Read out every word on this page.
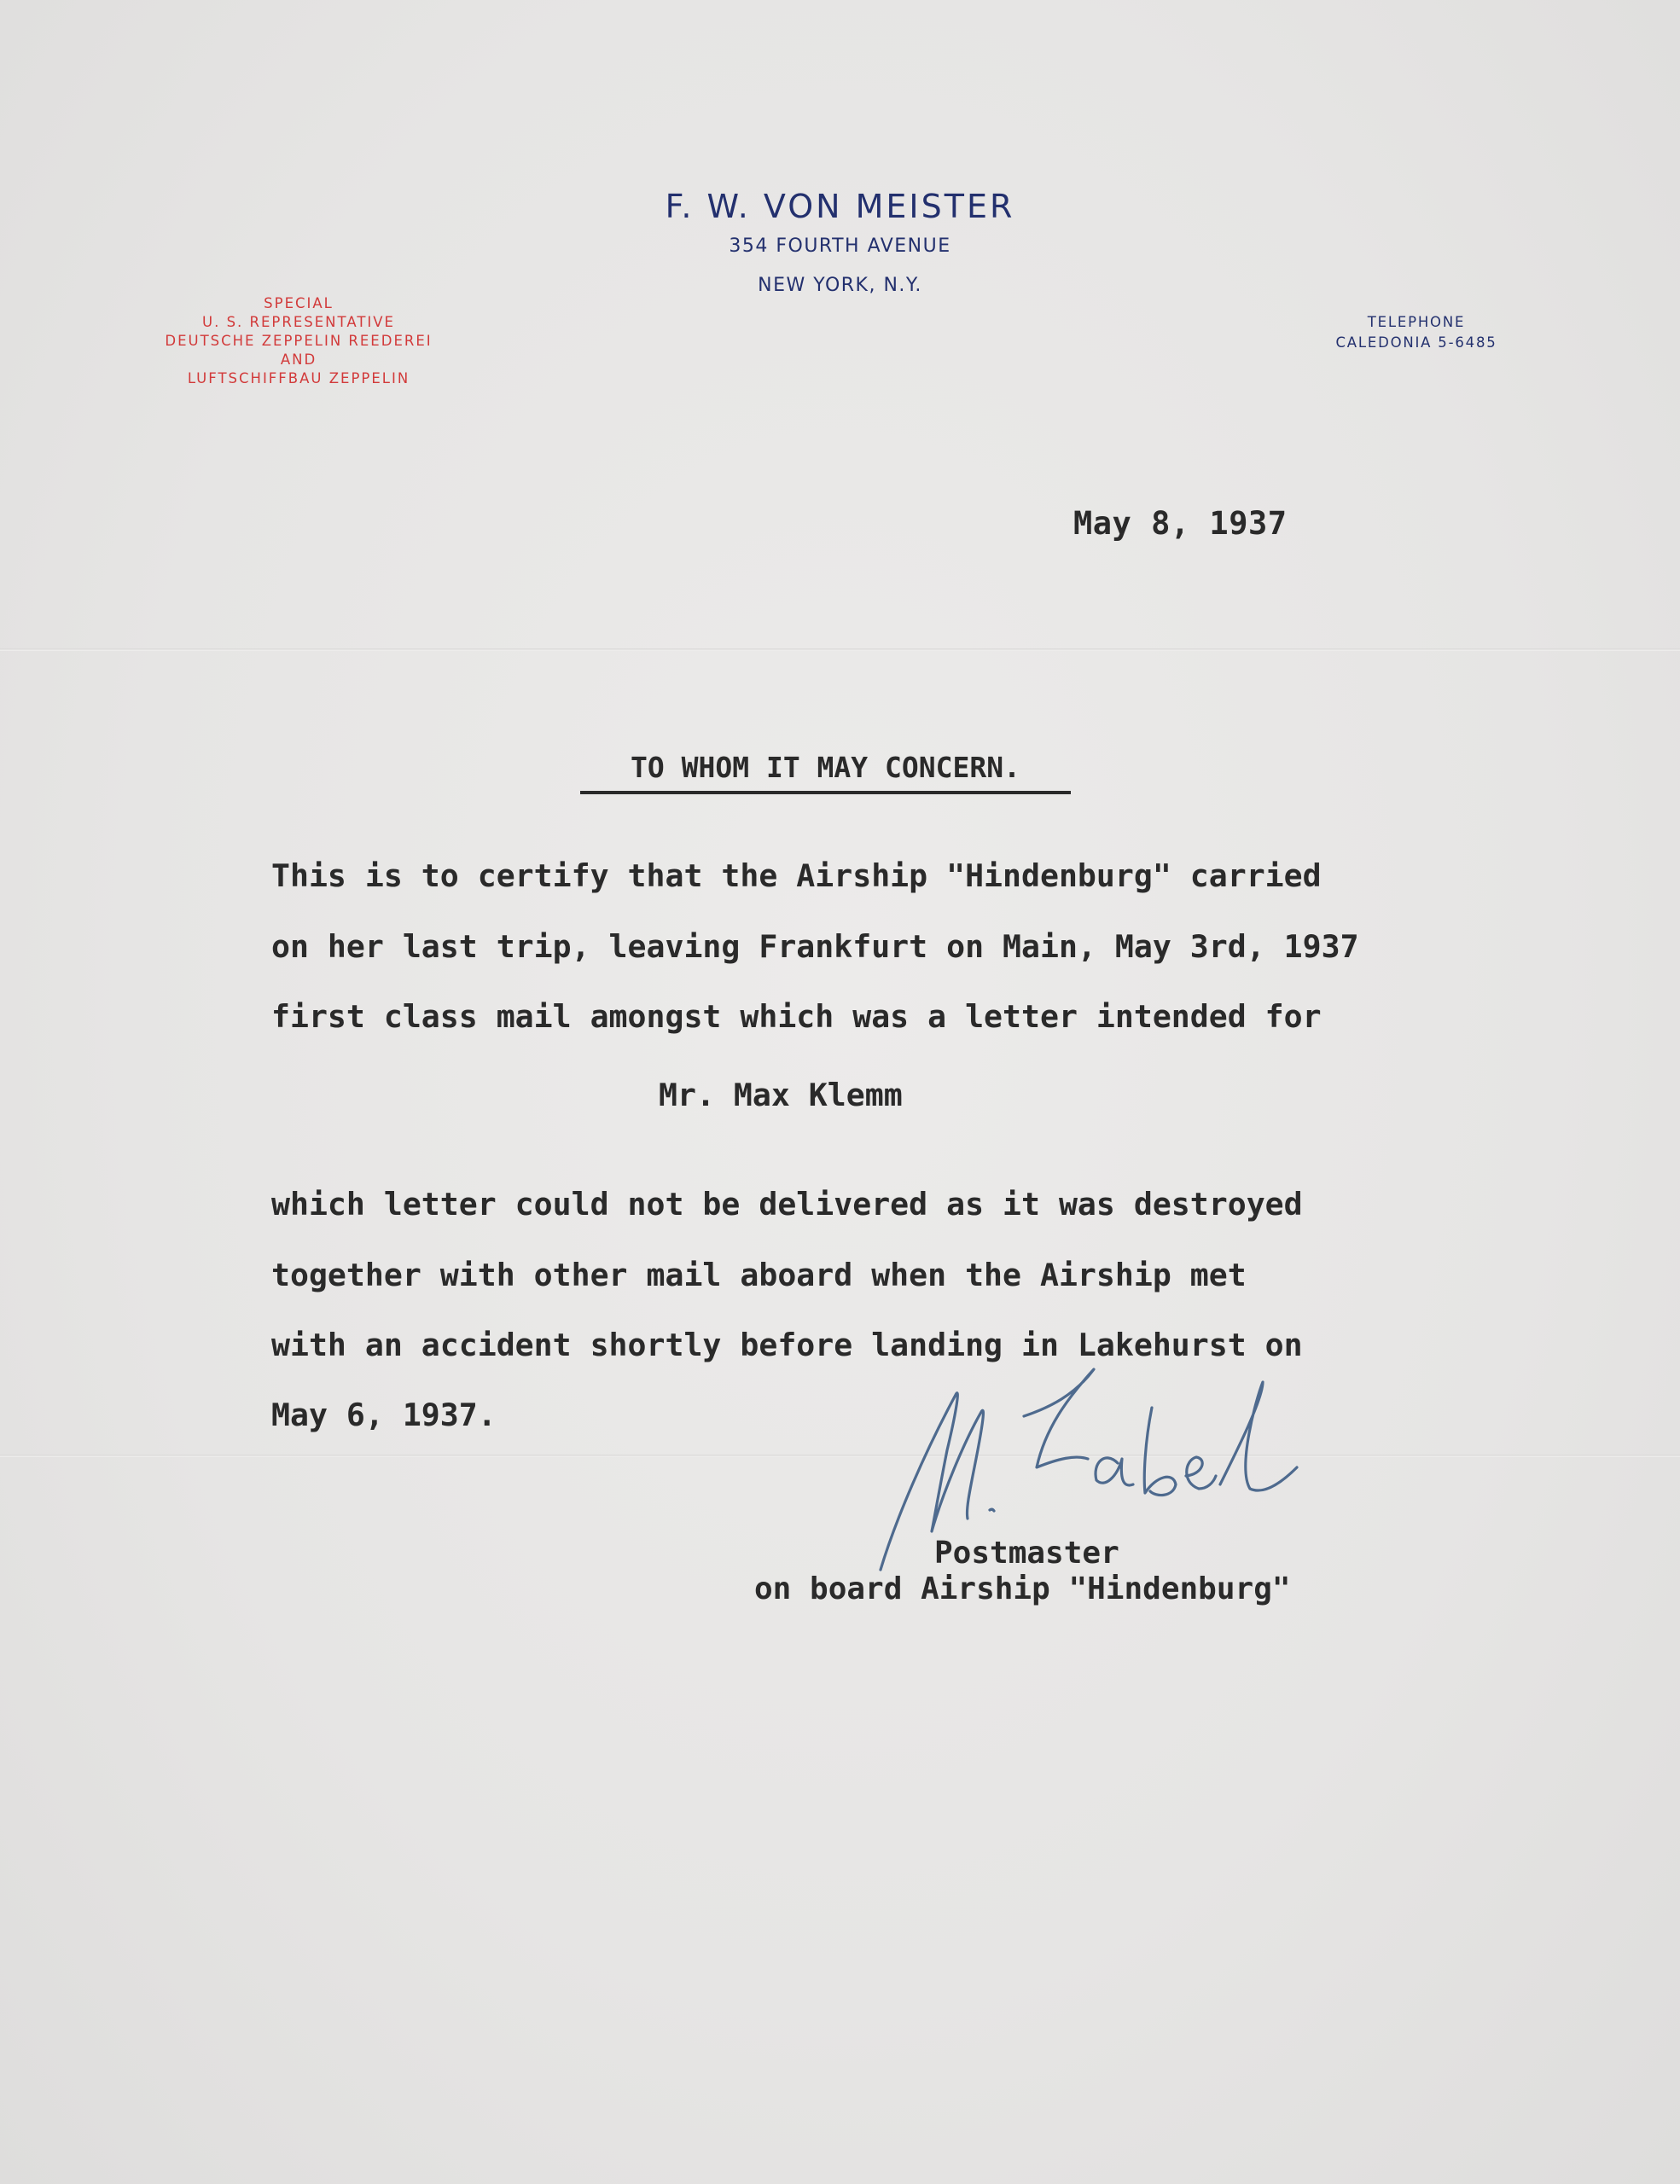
F. W. VON MEISTER
354 FOURTH AVENUE
NEW YORK, N.Y.
SPECIAL
U. S. REPRESENTATIVE
DEUTSCHE ZEPPELIN REEDEREI
AND
LUFTSCHIFFBAU ZEPPELIN
TELEPHONE
CALEDONIA 5-6485
May 8, 1937
TO WHOM IT MAY CONCERN.
This is to certify that the Airship "Hindenburg" carried
on her last trip, leaving Frankfurt on Main, May 3rd, 1937
first class mail amongst which was a letter intended for
Mr. Max Klemm
which letter could not be delivered as it was destroyed
together with other mail aboard when the Airship met
with an accident shortly before landing in Lakehurst on
May 6, 1937.
Postmaster
on board Airship "Hindenburg"
